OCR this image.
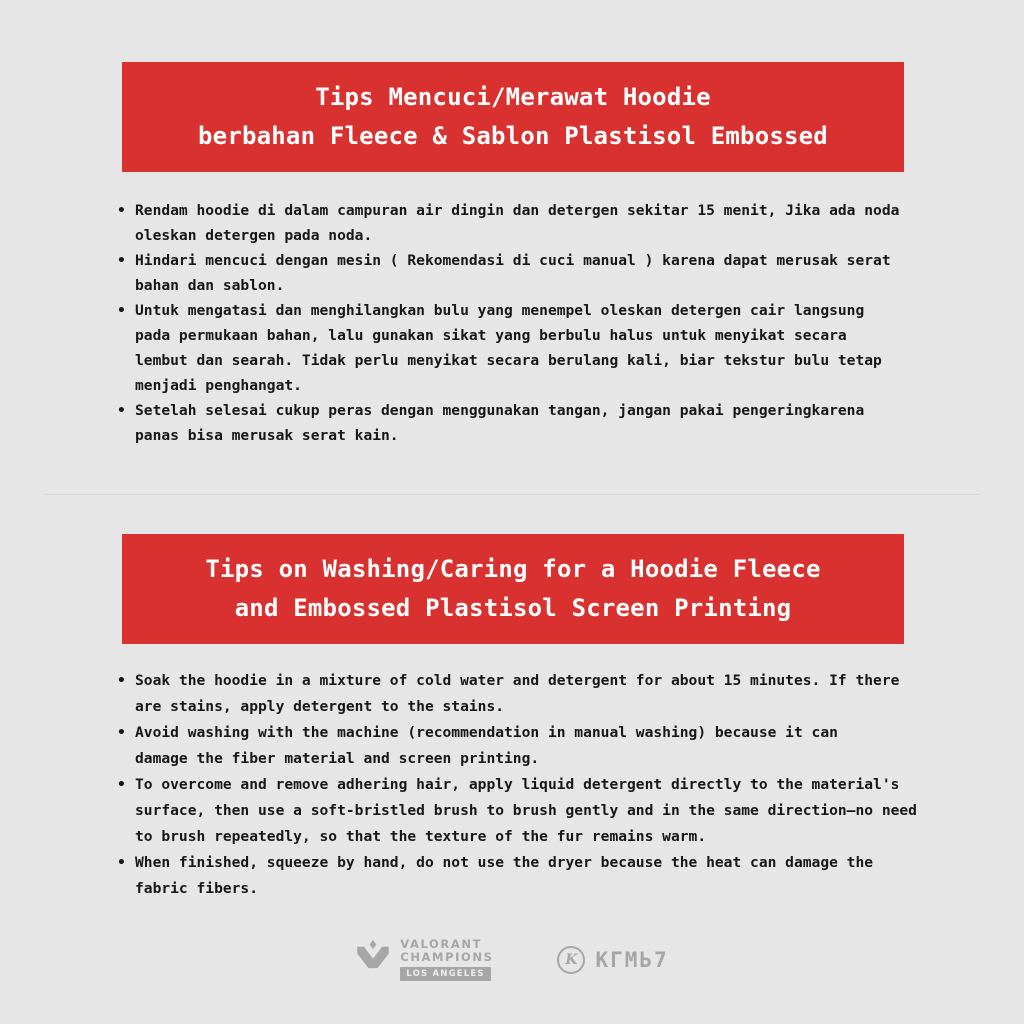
Tips Mencuci/Merawat Hoodie
berbahan Fleece & Sablon Plastisol Embossed
• Rendam hoodie di dalam campuran air dingin dan detergen sekitar 15 menit, Jika ada noda
oleskan detergen pada noda.
• Hindari mencuci dengan mesin ( Rekomendasi di cuci manual ) karena dapat merusak serat
bahan dan sablon.
• Untuk mengatasi dan menghilangkan bulu yang menempel oleskan detergen cair langsung
pada permukaan bahan, lalu gunakan sikat yang berbulu halus untuk menyikat secara
lembut dan searah. Tidak perlu menyikat secara berulang kali, biar tekstur bulu tetap
menjadi penghangat.
• Setelah selesai cukup peras dengan menggunakan tangan, jangan pakai pengeringkarena
panas bisa merusak serat kain.
Tips on Washing/Caring for a Hoodie Fleece
and Embossed Plastisol Screen Printing
• Soak the hoodie in a mixture of cold water and detergent for about 15 minutes. If there
are stains, apply detergent to the stains.
• Avoid washing with the machine (recommendation in manual washing) because it can
damage the fiber material and screen printing.
• To overcome and remove adhering hair, apply liquid detergent directly to the material's
surface, then use a soft-bristled brush to brush gently and in the same direction—no need
to brush repeatedly, so that the texture of the fur remains warm.
• When finished, squeeze by hand, do not use the dryer because the heat can damage the
fabric fibers.
VALORANT
CHAMPIONS
LOS ANGELES
K КГМЬ7
